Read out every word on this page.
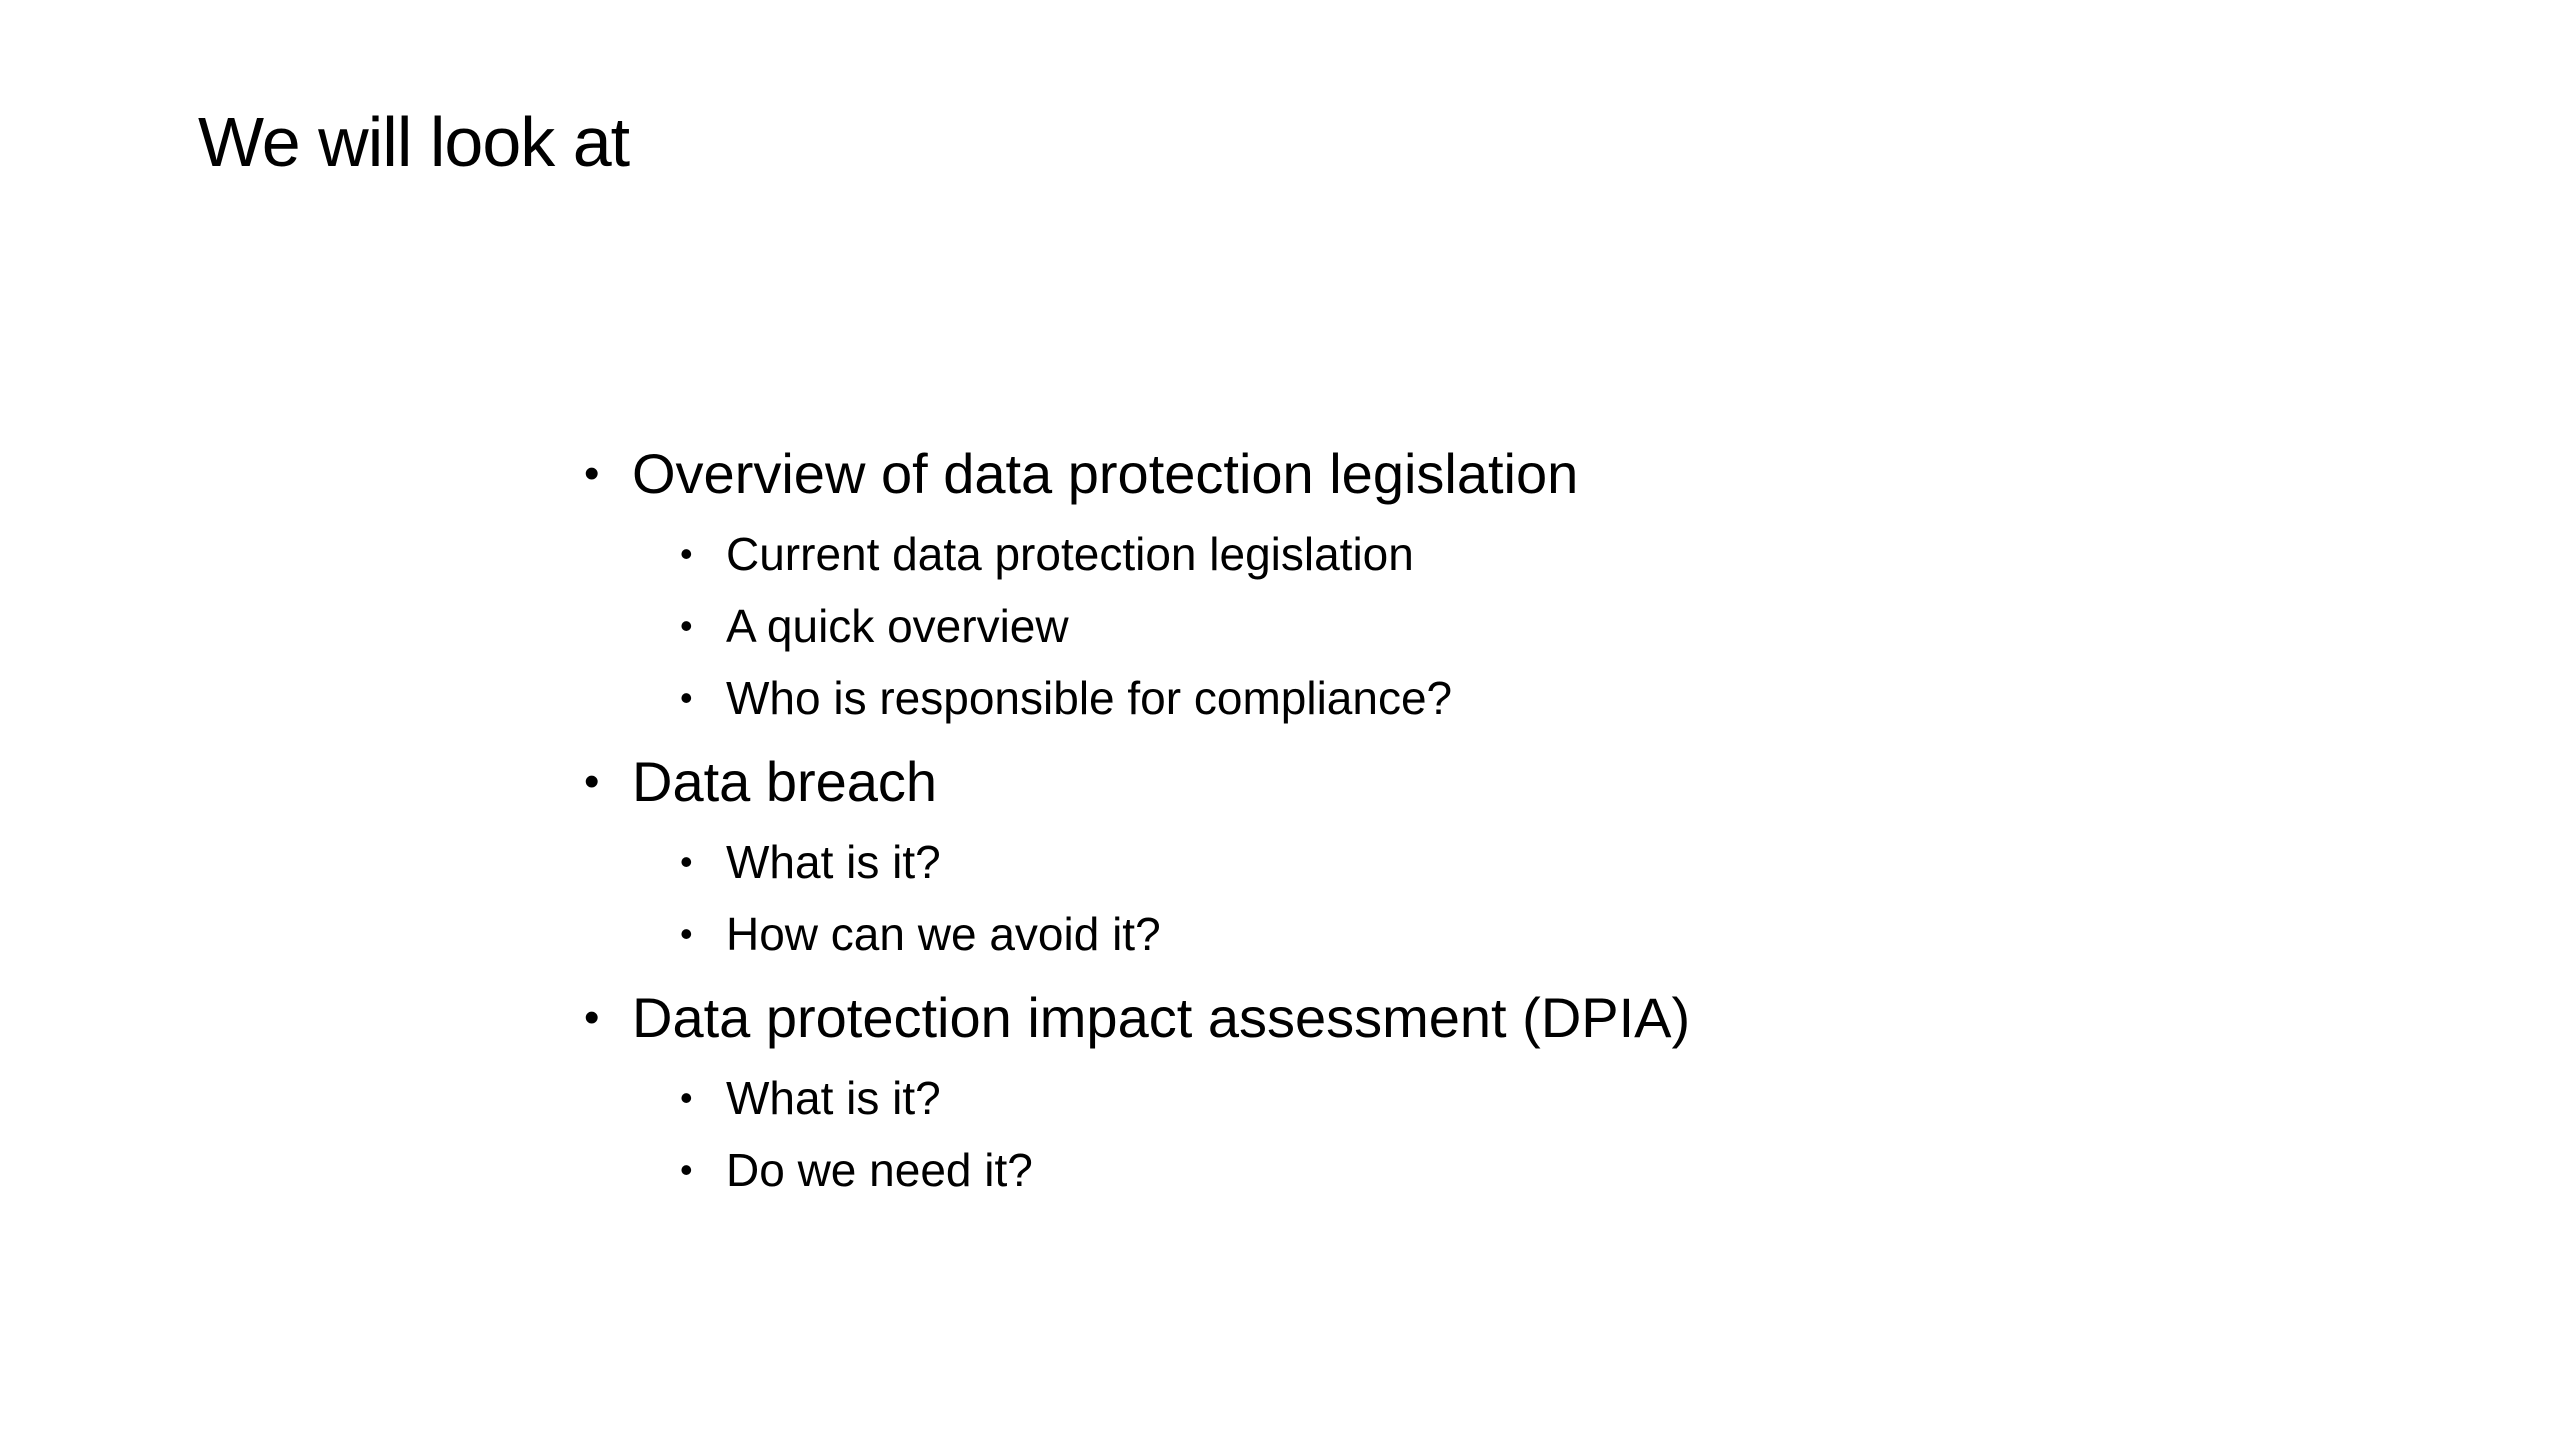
We will look at
• Overview of data protection legislation
• Current data protection legislation
• A quick overview
• Who is responsible for compliance?
• Data breach
• What is it?
• How can we avoid it?
• Data protection impact assessment (DPIA)
• What is it?
• Do we need it?
